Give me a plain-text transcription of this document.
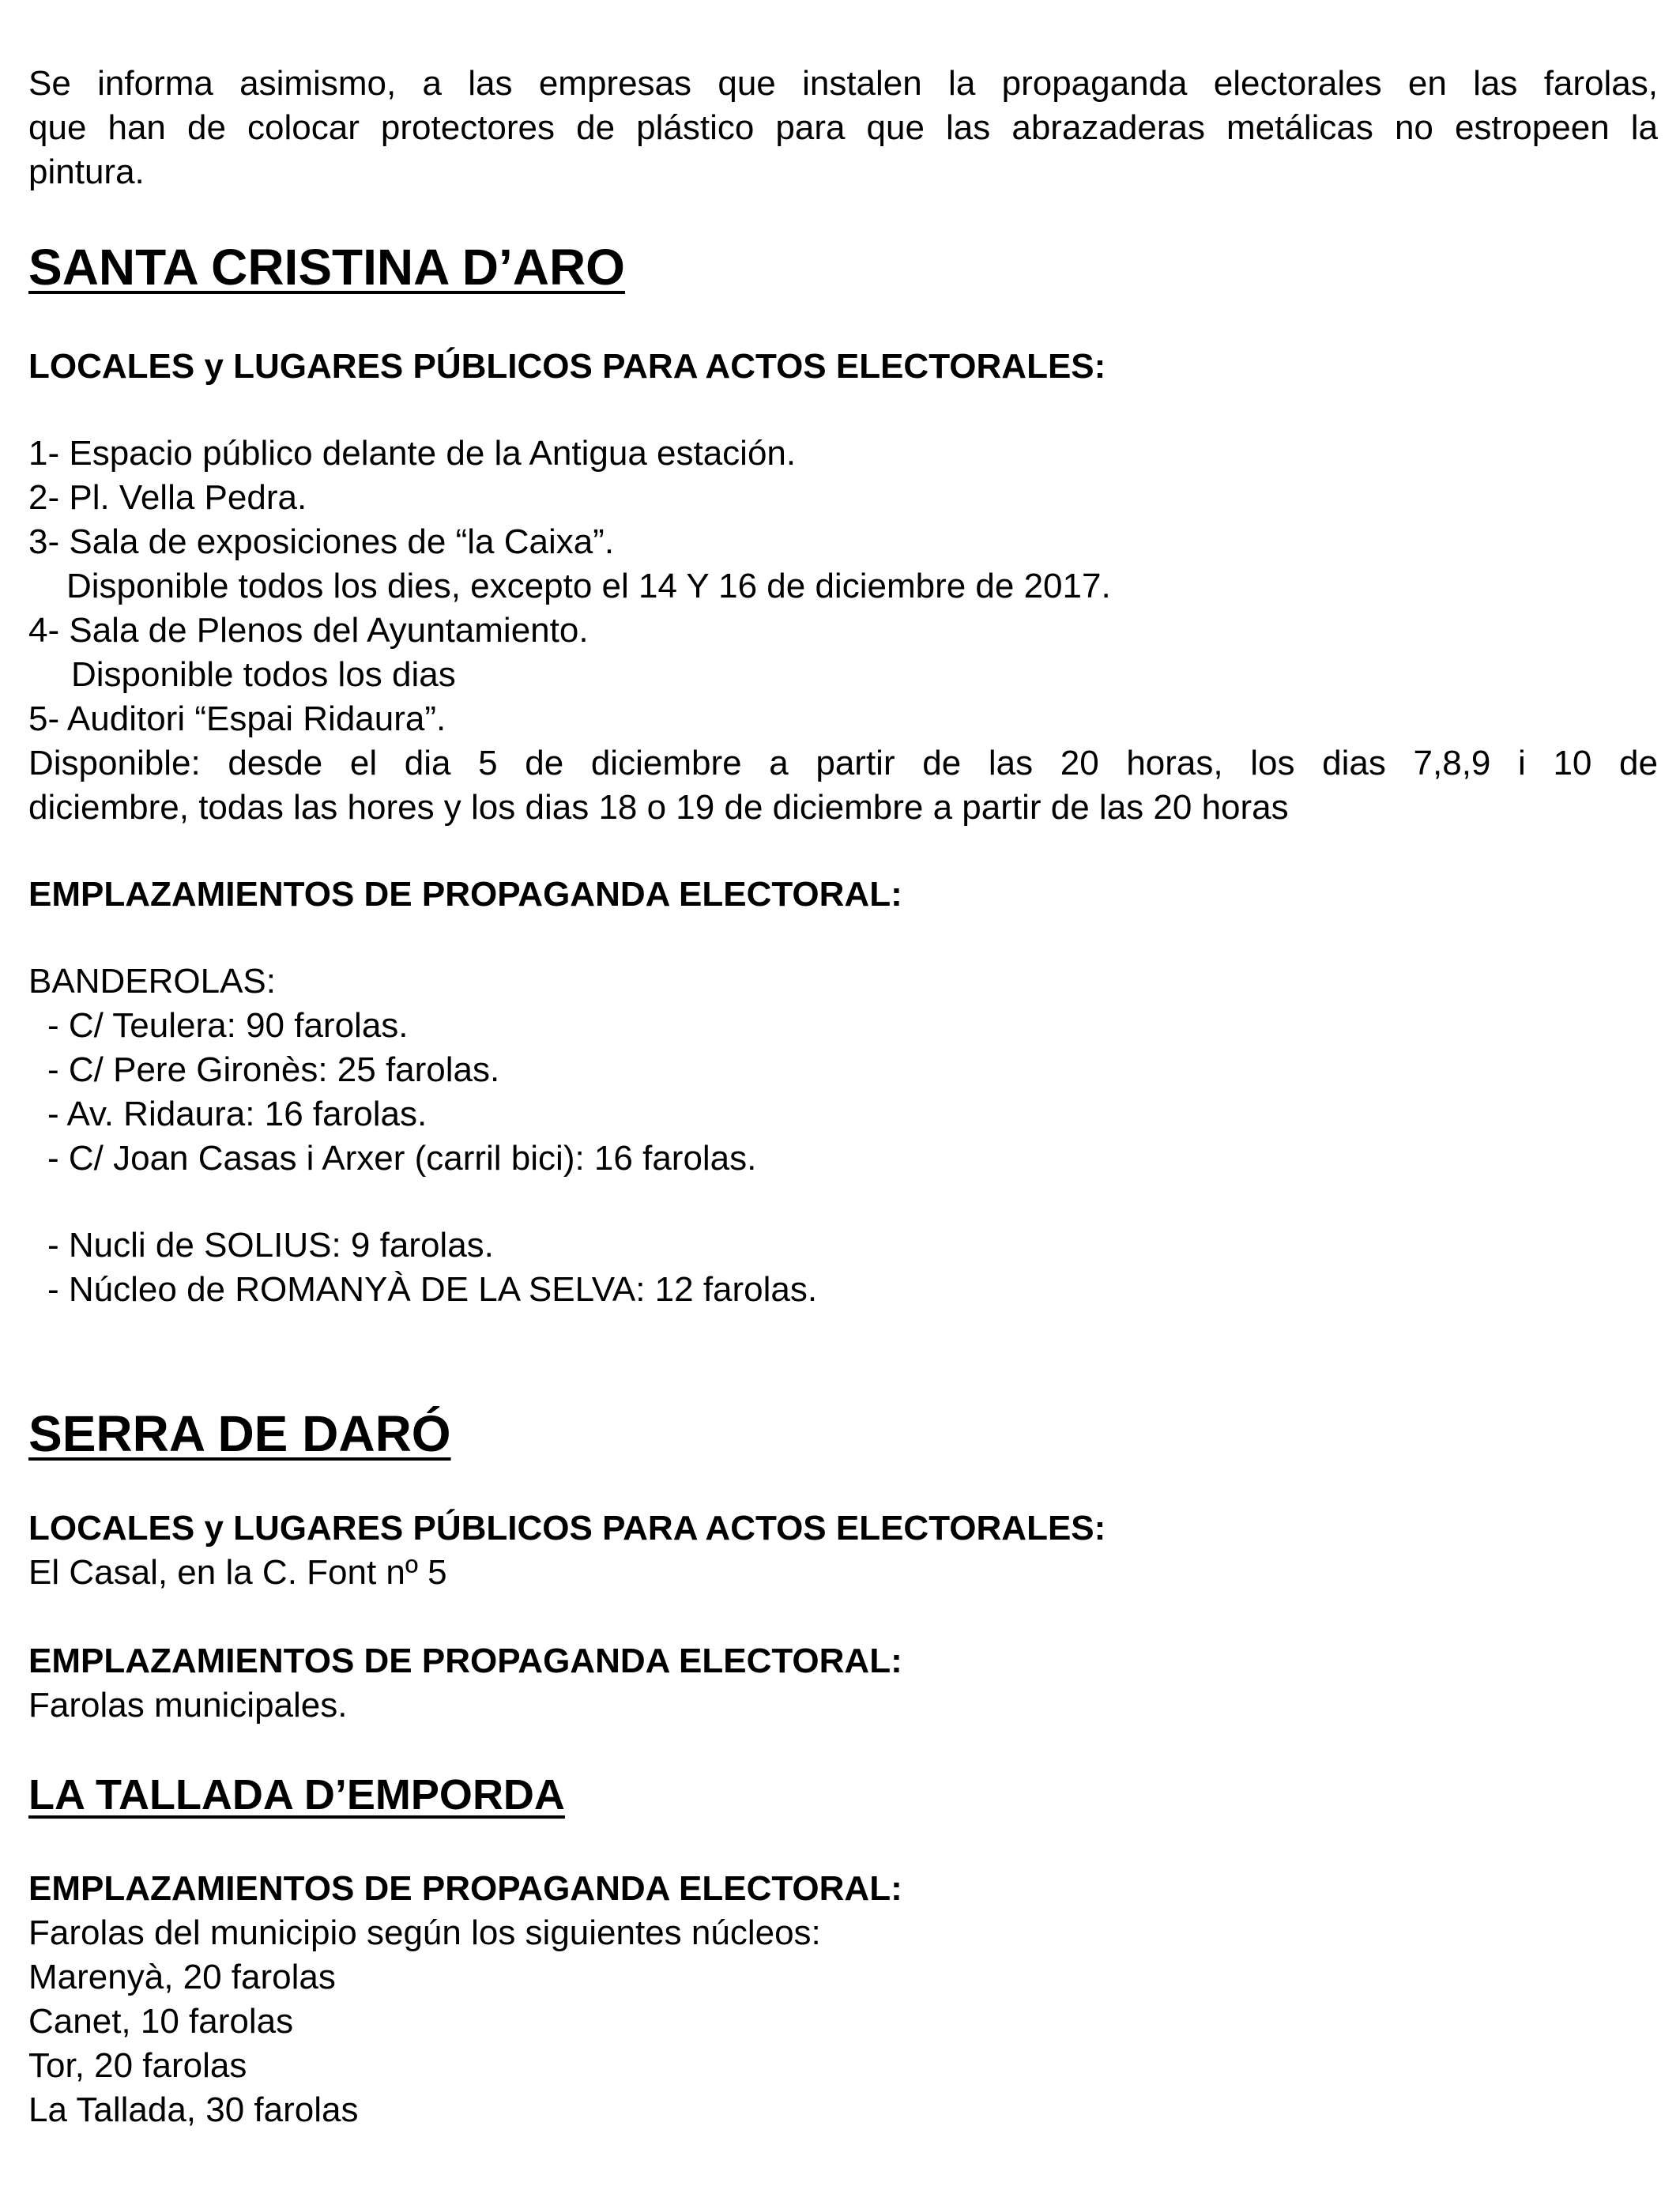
Se informa asimismo, a las empresas que instalen la propaganda electorales en las farolas,

que han de colocar protectores de plástico para que las abrazaderas metálicas no estropeen la

pintura.

SANTA CRISTINA D’ARO

LOCALES y LUGARES PÚBLICOS PARA ACTOS ELECTORALES:

1- Espacio público delante de la Antigua estación.

2- Pl. Vella Pedra.

3- Sala de exposiciones de “la Caixa”.

Disponible todos los dies, excepto el 14 Y 16 de diciembre de 2017.

4- Sala de Plenos del Ayuntamiento.

Disponible todos los dias

5- Auditori “Espai Ridaura”.

Disponible: desde el dia 5 de diciembre a partir de las 20 horas, los dias 7,8,9 i 10 de

diciembre, todas las hores y los dias 18 o 19 de diciembre a partir de las 20 horas

EMPLAZAMIENTOS DE PROPAGANDA ELECTORAL:

BANDEROLAS:

- C/ Teulera: 90 farolas.

- C/ Pere Gironès: 25 farolas.

- Av. Ridaura: 16 farolas.

- C/ Joan Casas i Arxer (carril bici): 16 farolas.

- Nucli de SOLIUS: 9 farolas.

- Núcleo de ROMANYÀ DE LA SELVA: 12 farolas.

SERRA DE DARÓ

LOCALES y LUGARES PÚBLICOS PARA ACTOS ELECTORALES:

El Casal, en la C. Font nº 5

EMPLAZAMIENTOS DE PROPAGANDA ELECTORAL:

Farolas municipales.

LA TALLADA D’EMPORDA

EMPLAZAMIENTOS DE PROPAGANDA ELECTORAL:

Farolas del municipio según los siguientes núcleos:

Marenyà, 20 farolas

Canet, 10 farolas

Tor, 20 farolas

La Tallada, 30 farolas
